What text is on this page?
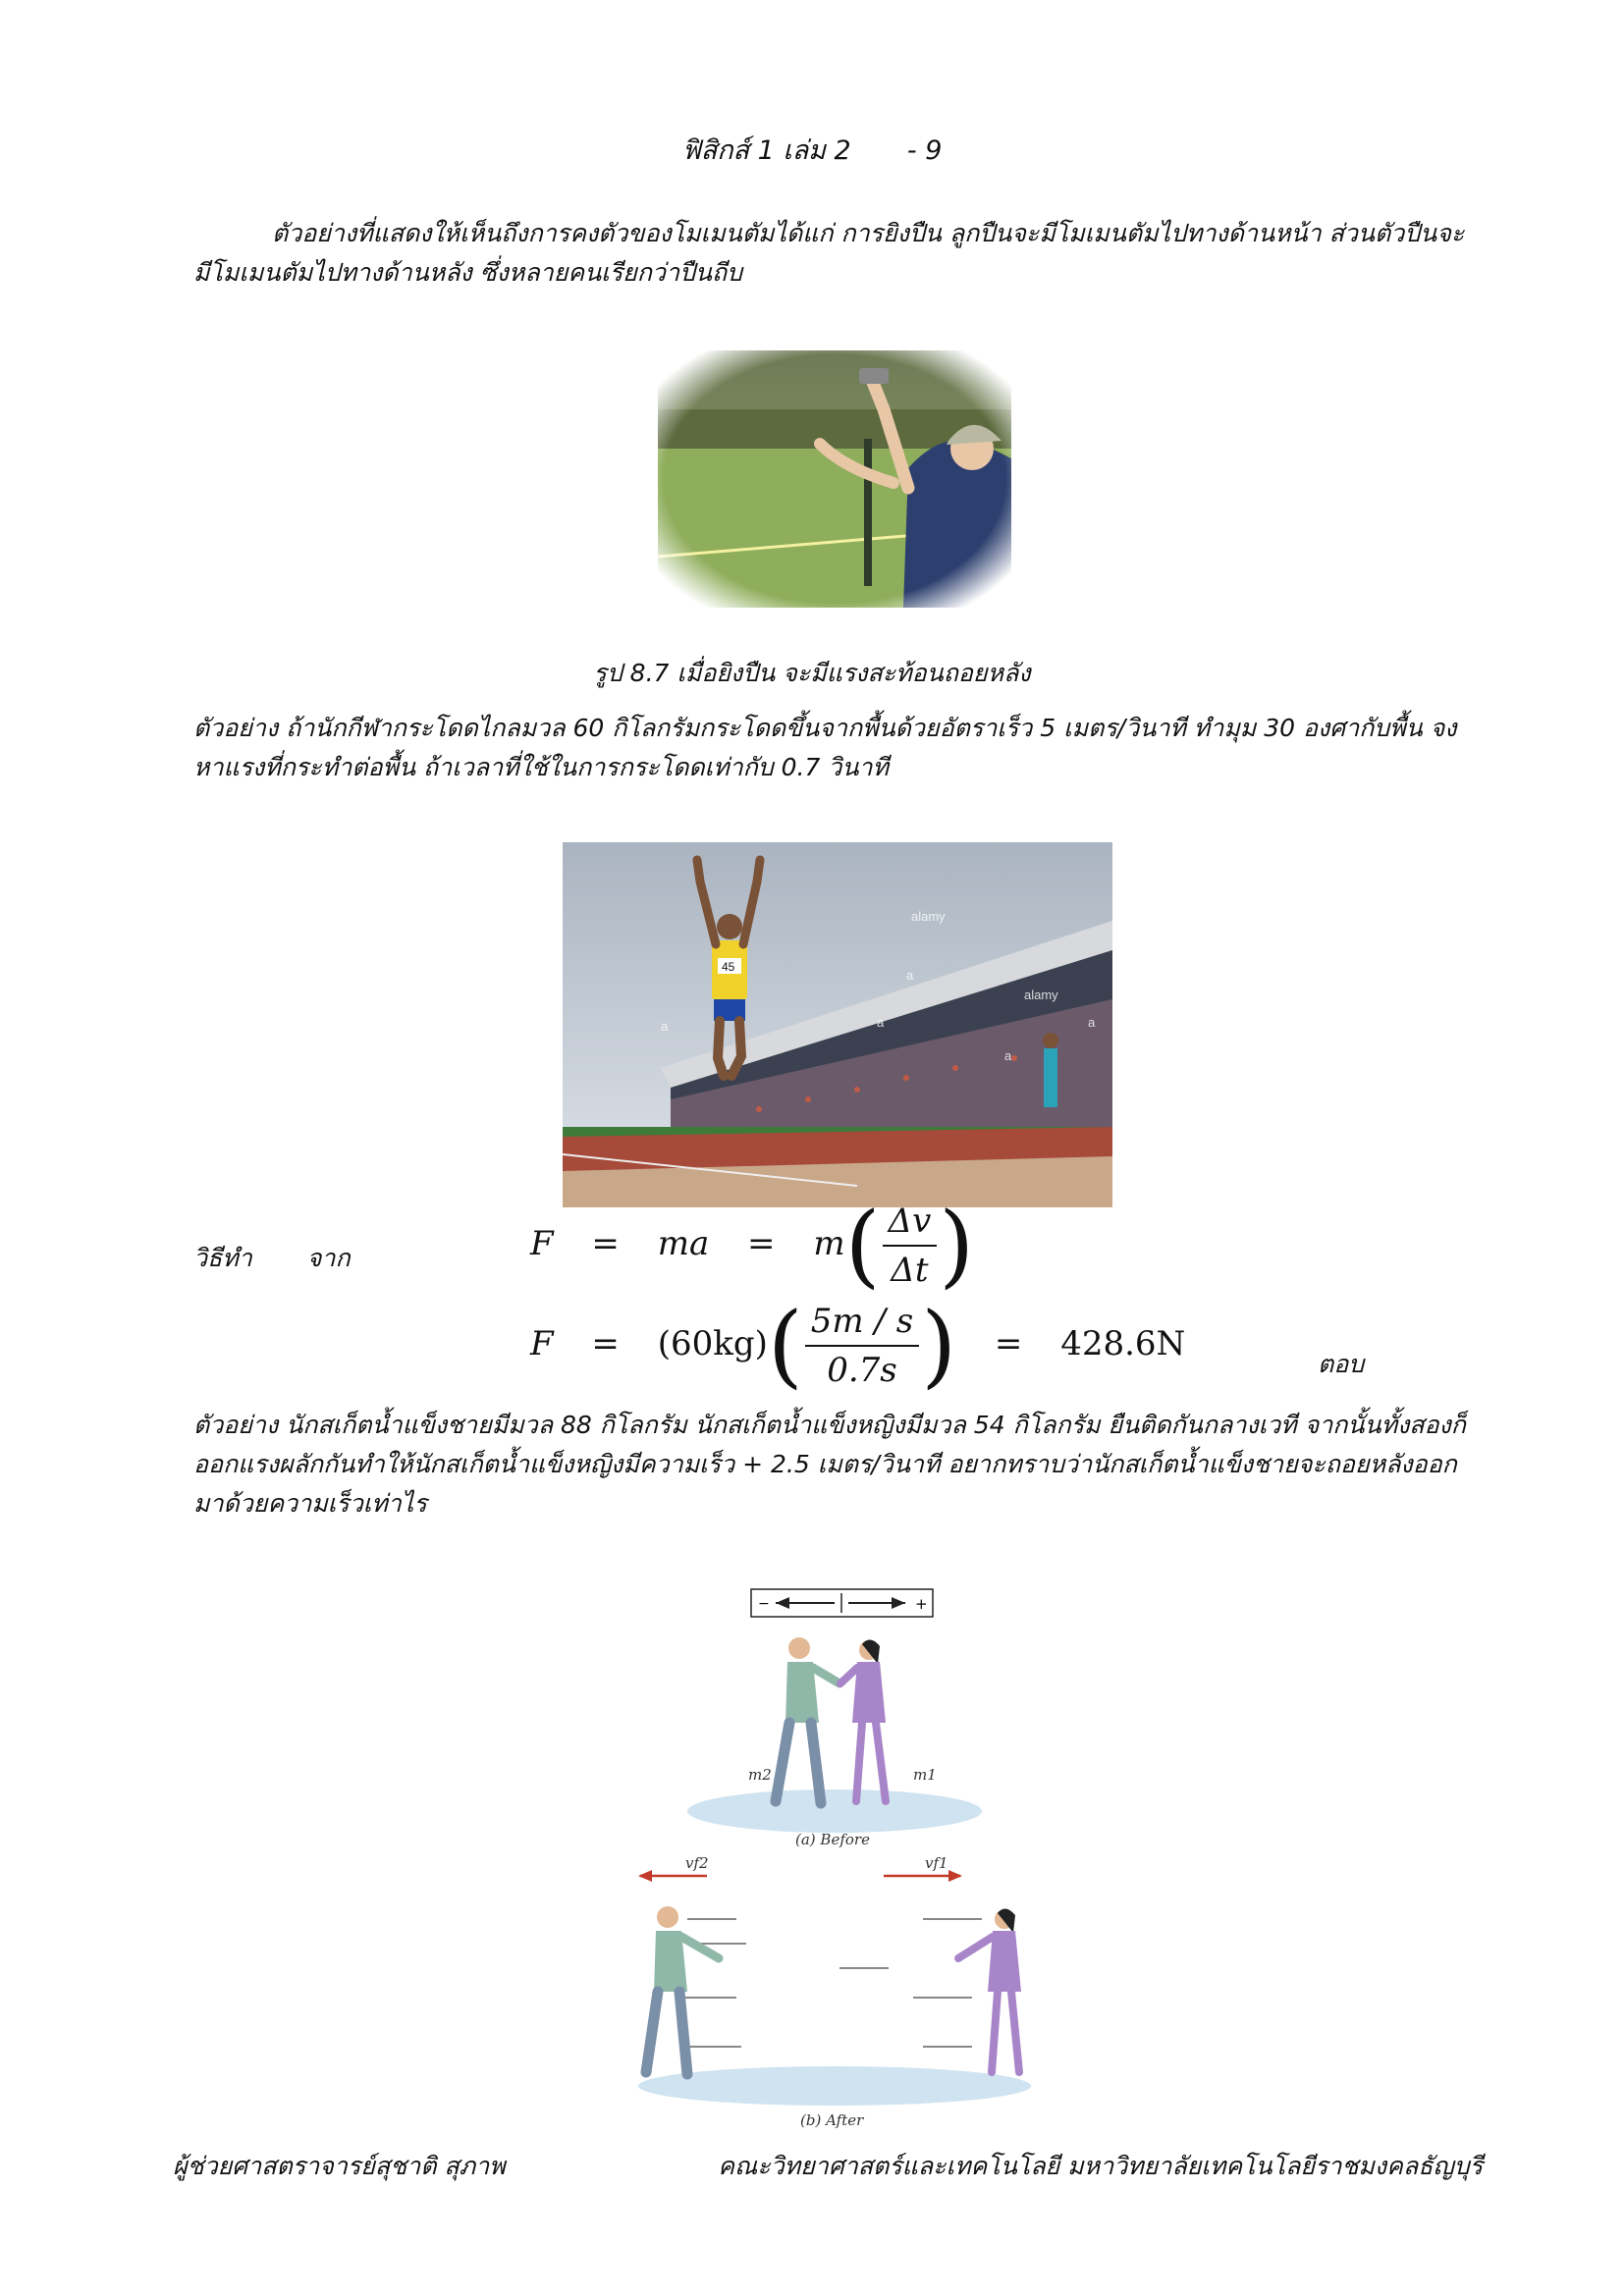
ฟิสิกส์ 1 เล่ม 2 - 9
ตัวอย่างที่แสดงให้เห็นถึงการคงตัวของโมเมนตัมได้แก่ การยิงปืน ลูกปืนจะมีโมเมนตัมไปทางด้านหน้า ส่วนตัวปืนจะมีโมเมนตัมไปทางด้านหลัง ซึ่งหลายคนเรียกว่าปืนถีบ
รูป 8.7 เมื่อยิงปืน จะมีแรงสะท้อนถอยหลัง
ตัวอย่าง ถ้านักกีฬากระโดดไกลมวล 60 กิโลกรัมกระโดดขึ้นจากพื้นด้วยอัตราเร็ว 5 เมตร/วินาที ทำมุม 30 องศากับพื้น จงหาแรงที่กระทำต่อพื้น ถ้าเวลาที่ใช้ในการกระโดดเท่ากับ 0.7 วินาที
45
alamy
a	a
alamy
a
a
a
a
วิธีทำ จาก	F = ma = $m( \frac{\Delta v}{\Delta t}$ )
$F = (60kg)( \frac{5m / s}{0.7s}$ ) = 428.6N
ตอบ
ตัวอย่าง นักสเก็ตน้ำแข็งชายมีมวล 88 กิโลกรัม นักสเก็ตน้ำแข็งหญิงมีมวล 54 กิโลกรัม ยืนติดกันกลางเวที จากนั้นทั้งสองก็ออกแรงผลักกันทำให้นักสเก็ตน้ำแข็งหญิงมีความเร็ว + 2.5 เมตร/วินาที อยากทราบว่านักสเก็ตน้ำแข็งชายจะถอยหลังออกมาด้วยความเร็วเท่าไร
−	+
m2	m1
(a) Before
vf2	vf1
(b) After
ผู้ช่วยศาสตราจารย์สุชาติ สุภาพ	คณะวิทยาศาสตร์และเทคโนโลยี มหาวิทยาลัยเทคโนโลยีราชมงคลธัญบุรี
